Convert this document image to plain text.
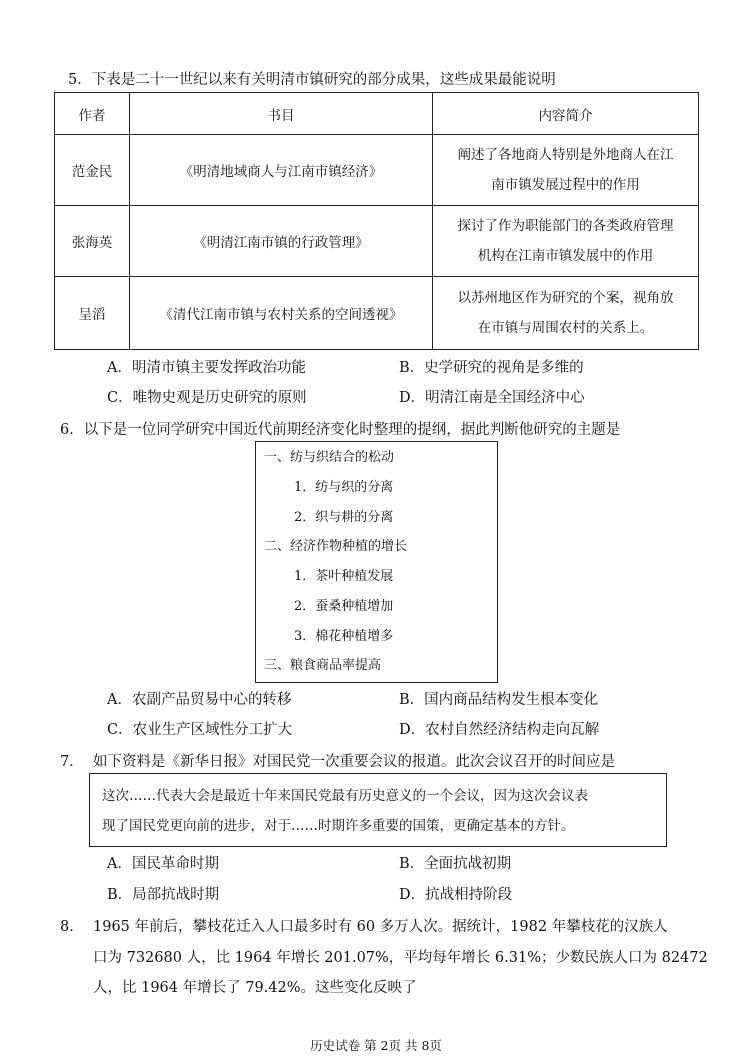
5．下表是二十一世纪以来有关明清市镇研究的部分成果，这些成果最能说明
作者	书目	内容简介
范金民	《明清地域商人与江南市镇经济》	阐述了各地商人特别是外地商人在江
南市镇发展过程中的作用

张海英	《明清江南市镇的行政管理》	探讨了作为职能部门的各类政府管理
机构在江南市镇发展中的作用

呈滔	《清代江南市镇与农村关系的空间透视》	以苏州地区作为研究的个案，视角放
在市镇与周围农村的关系上。
A．明清市镇主要发挥政治功能	B．史学研究的视角是多维的
C．唯物史观是历史研究的原则	D．明清江南是全国经济中心
6．以下是一位同学研究中国近代前期经济变化时整理的提纲，据此判断他研究的主题是
一、纺与织结合的松动
1．纺与织的分离
2．织与耕的分离
二、经济作物种植的增长
1．茶叶种植发展
2．蚕桑种植增加
3．棉花种植增多
三、粮食商品率提高
A．农副产品贸易中心的转移	B．国内商品结构发生根本变化
C．农业生产区域性分工扩大	D．农村自然经济结构走向瓦解
7． 如下资料是《新华日报》对国民党一次重要会议的报道。此次会议召开的时间应是
这次……代表大会是最近十年来国民党最有历史意义的一个会议，因为这次会议表
现了国民党更向前的进步，对于……时期许多重要的国策，更确定基本的方针。
A．国民革命时期	B．全面抗战初期
B．局部抗战时期	D．抗战相持阶段
8． 1965 年前后，攀枝花迁入人口最多时有 60 多万人次。据统计，1982 年攀枝花的汉族人
口为 732680 人，比 1964 年增长 201.07%，平均每年增长 6.31%；少数民族人口为 82472
人，比 1964 年增长了 79.42%。这些变化反映了
历史试卷 第 2页 共 8页
